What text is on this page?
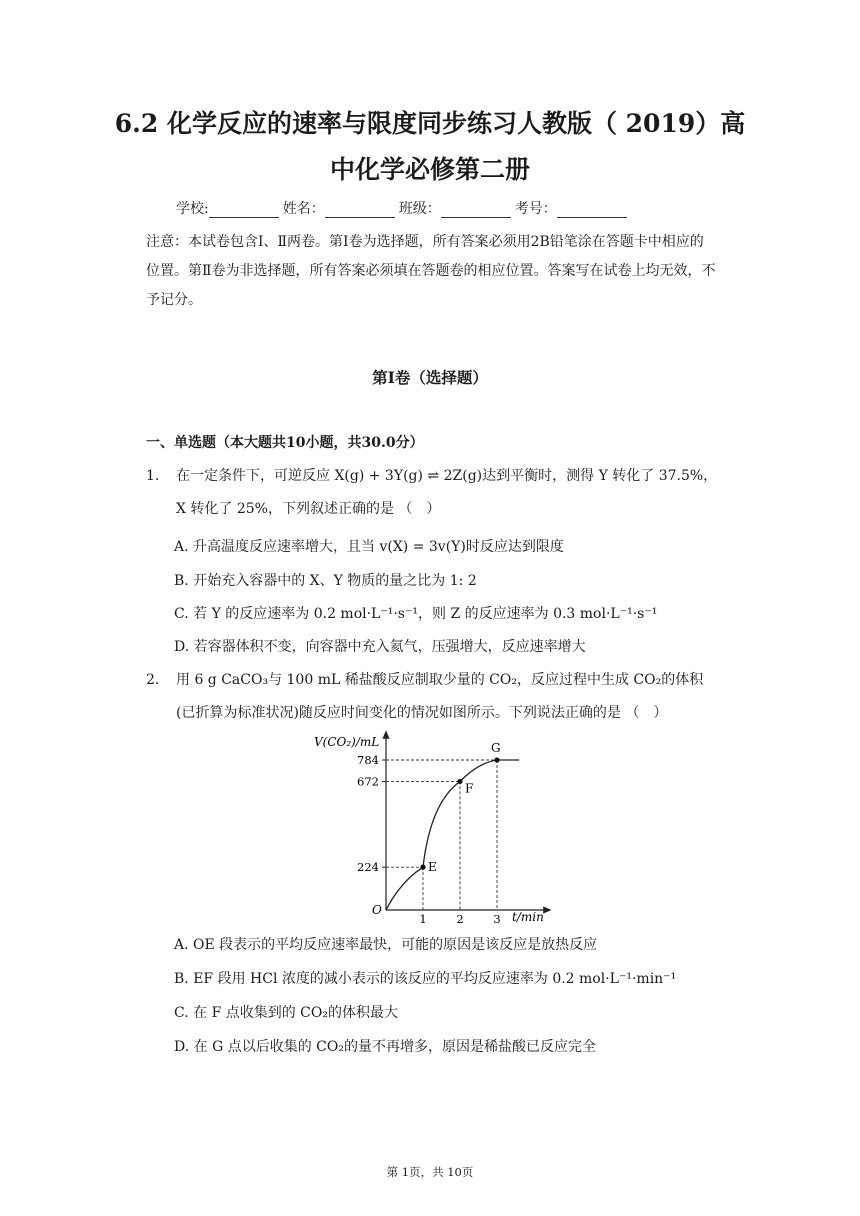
6.2 化学反应的速率与限度同步练习人教版（ 2019）高
中化学必修第二册
学校:	姓名：	班级：	考号：
注意：本试卷包含Ⅰ、Ⅱ两卷。第Ⅰ卷为选择题，所有答案必须用2B铅笔涂在答题卡中相应的位置。第Ⅱ卷为非选择题，所有答案必须填在答题卷的相应位置。答案写在试卷上均无效，不予记分。
第Ⅰ卷（选择题）
一、单选题（本大题共10小题，共30.0分）
1. 在一定条件下，可逆反应 X(g) + 3Y(g) ⇌ 2Z(g)达到平衡时，测得 Y 转化了 37.5%，X 转化了 25%，下列叙述正确的是 （　）
A. 升高温度反应速率增大，且当 v(X) = 3v(Y)时反应达到限度
B. 开始充入容器中的 X、Y 物质的量之比为 1: 2
C. 若 Y 的反应速率为 0.2 mol·L⁻¹·s⁻¹，则 Z 的反应速率为 0.3 mol·L⁻¹·s⁻¹
D. 若容器体积不变，向容器中充入氦气，压强增大，反应速率增大
2. 用 6 g CaCO₃与 100 mL 稀盐酸反应制取少量的 CO₂，反应过程中生成 CO₂的体积(已折算为标准状况)随反应时间变化的情况如图所示。下列说法正确的是 （　）
V(CO₂)/mL
t/min
O
224
672
784
1	2	3
E
F
G
A. OE 段表示的平均反应速率最快，可能的原因是该反应是放热反应
B. EF 段用 HCl 浓度的减小表示的该反应的平均反应速率为 0.2 mol·L⁻¹·min⁻¹
C. 在 F 点收集到的 CO₂的体积最大
D. 在 G 点以后收集的 CO₂的量不再增多，原因是稀盐酸已反应完全
第 1页，共 10页
